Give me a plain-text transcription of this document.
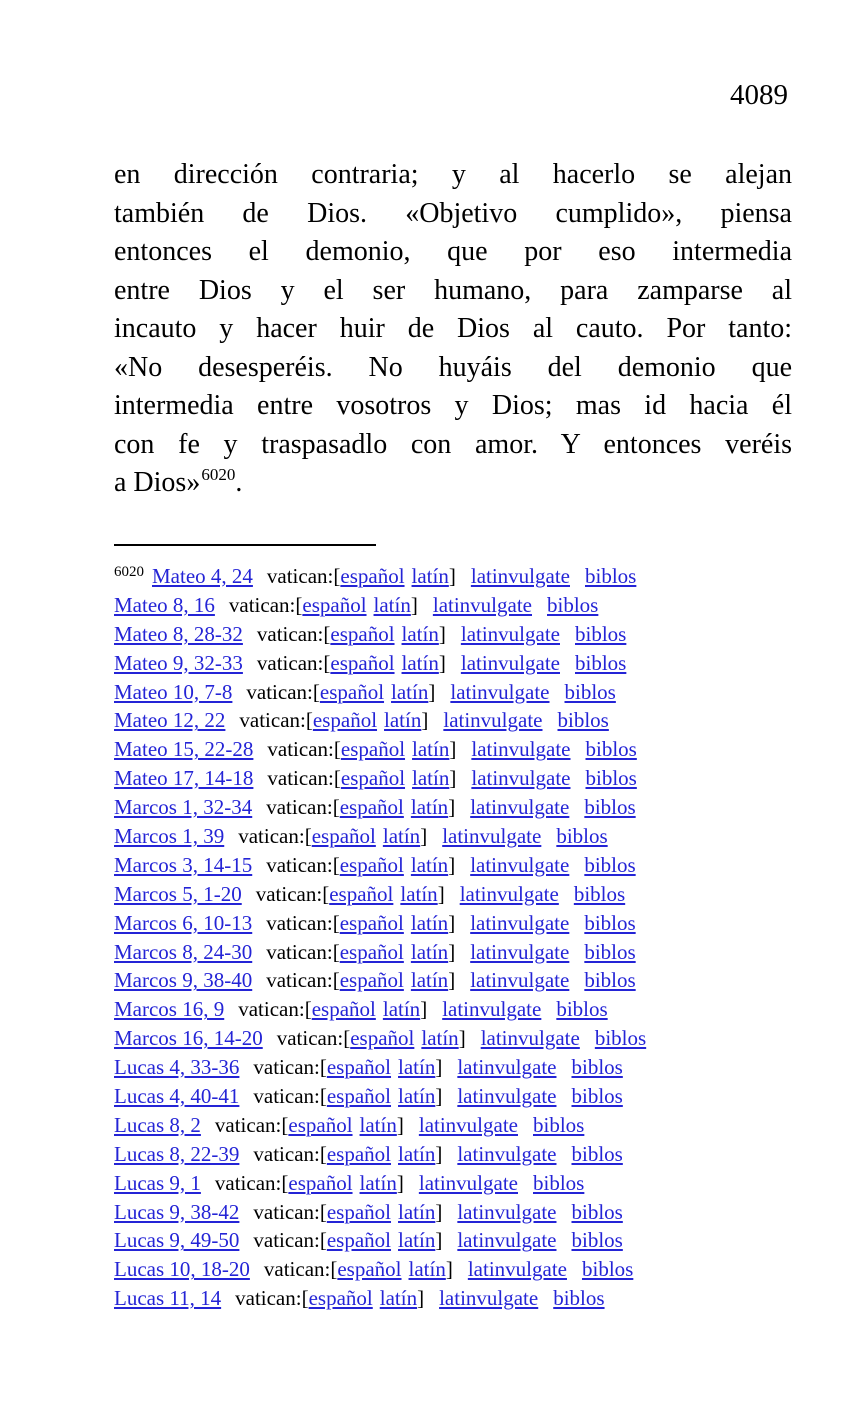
4089
en dirección contraria; y al hacerlo se alejan
también de Dios. «Objetivo cumplido», piensa
entonces el demonio, que por eso intermedia
entre Dios y el ser humano, para zamparse al
incauto y hacer huir de Dios al cauto. Por tanto:
«No desesperéis. No huyáis del demonio que
intermedia entre vosotros y Dios; mas id hacia él
con fe y traspasadlo con amor. Y entonces veréis
a Dios»$^{6020}$.
$^{6020}$ Mateo 4, 24 vatican:[español latín] latinvulgate biblos
Mateo 8, 16 vatican:[español latín] latinvulgate biblos
Mateo 8, 28-32 vatican:[español latín] latinvulgate biblos
Mateo 9, 32-33 vatican:[español latín] latinvulgate biblos
Mateo 10, 7-8 vatican:[español latín] latinvulgate biblos
Mateo 12, 22 vatican:[español latín] latinvulgate biblos
Mateo 15, 22-28 vatican:[español latín] latinvulgate biblos
Mateo 17, 14-18 vatican:[español latín] latinvulgate biblos
Marcos 1, 32-34 vatican:[español latín] latinvulgate biblos
Marcos 1, 39 vatican:[español latín] latinvulgate biblos
Marcos 3, 14-15 vatican:[español latín] latinvulgate biblos
Marcos 5, 1-20 vatican:[español latín] latinvulgate biblos
Marcos 6, 10-13 vatican:[español latín] latinvulgate biblos
Marcos 8, 24-30 vatican:[español latín] latinvulgate biblos
Marcos 9, 38-40 vatican:[español latín] latinvulgate biblos
Marcos 16, 9 vatican:[español latín] latinvulgate biblos
Marcos 16, 14-20 vatican:[español latín] latinvulgate biblos
Lucas 4, 33-36 vatican:[español latín] latinvulgate biblos
Lucas 4, 40-41 vatican:[español latín] latinvulgate biblos
Lucas 8, 2 vatican:[español latín] latinvulgate biblos
Lucas 8, 22-39 vatican:[español latín] latinvulgate biblos
Lucas 9, 1 vatican:[español latín] latinvulgate biblos
Lucas 9, 38-42 vatican:[español latín] latinvulgate biblos
Lucas 9, 49-50 vatican:[español latín] latinvulgate biblos
Lucas 10, 18-20 vatican:[español latín] latinvulgate biblos
Lucas 11, 14 vatican:[español latín] latinvulgate biblos
